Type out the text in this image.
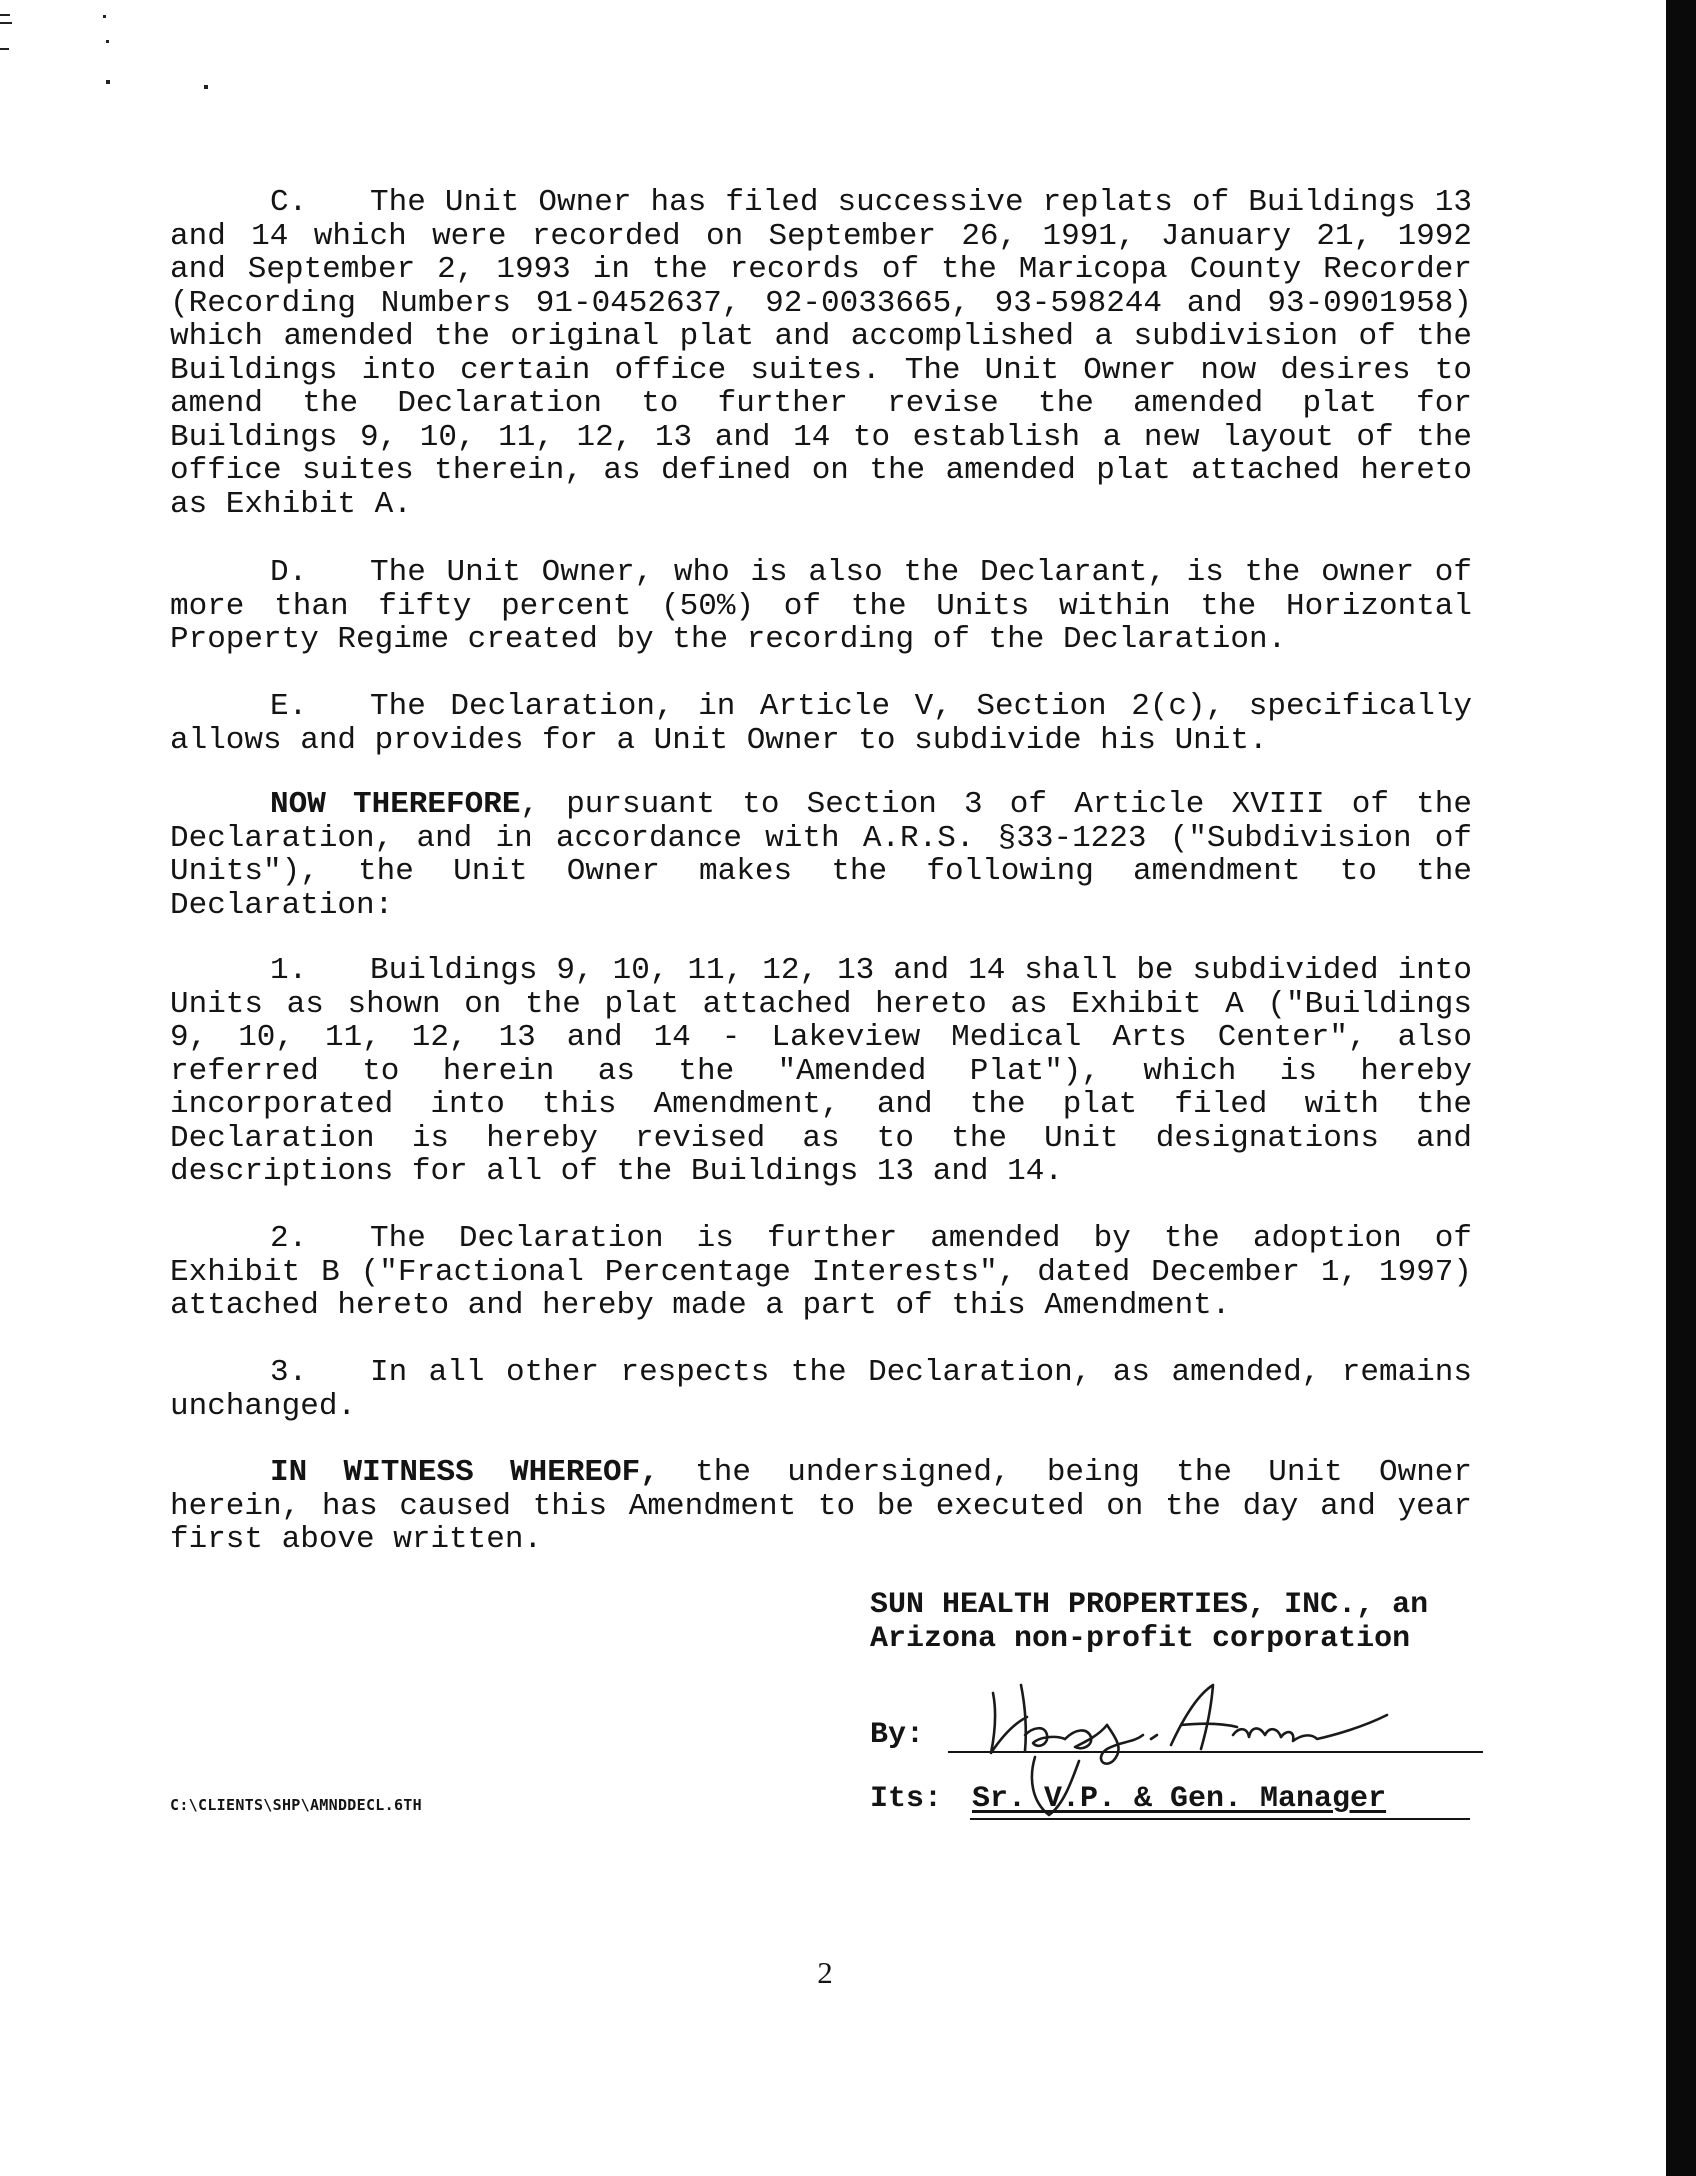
C. The Unit Owner has filed successive replats of Buildings 13 and 14 which were recorded on September 26, 1991, January 21, 1992 and September 2, 1993 in the records of the Maricopa County Recorder (Recording Numbers 91-0452637, 92-0033665, 93-598244 and 93-0901958) which amended the original plat and accomplished a subdivision of the Buildings into certain office suites. The Unit Owner now desires to amend the Declaration to further revise the amended plat for Buildings 9, 10, 11, 12, 13 and 14 to establish a new layout of the office suites therein, as defined on the amended plat attached hereto as Exhibit A.

D. The Unit Owner, who is also the Declarant, is the owner of more than fifty percent (50%) of the Units within the Horizontal Property Regime created by the recording of the Declaration.

E. The Declaration, in Article V, Section 2(c), specifically allows and provides for a Unit Owner to subdivide his Unit.

NOW THEREFORE, pursuant to Section 3 of Article XVIII of the Declaration, and in accordance with A.R.S. §33-1223 ("Subdivision of Units"), the Unit Owner makes the following amendment to the Declaration:

1. Buildings 9, 10, 11, 12, 13 and 14 shall be subdivided into Units as shown on the plat attached hereto as Exhibit A ("Buildings 9, 10, 11, 12, 13 and 14 - Lakeview Medical Arts Center", also referred to herein as the "Amended Plat"), which is hereby incorporated into this Amendment, and the plat filed with the Declaration is hereby revised as to the Unit designations and descriptions for all of the Buildings 13 and 14.

2. The Declaration is further amended by the adoption of Exhibit B ("Fractional Percentage Interests", dated December 1, 1997) attached hereto and hereby made a part of this Amendment.

3. In all other respects the Declaration, as amended, remains unchanged.

IN WITNESS WHEREOF, the undersigned, being the Unit Owner herein, has caused this Amendment to be executed on the day and year first above written.

SUN HEALTH PROPERTIES, INC., an
Arizona non-profit corporation
By:
Its: Sr. V.P. & Gen. Manager
C:\CLIENTS\SHP\AMNDDECL.6TH
2
